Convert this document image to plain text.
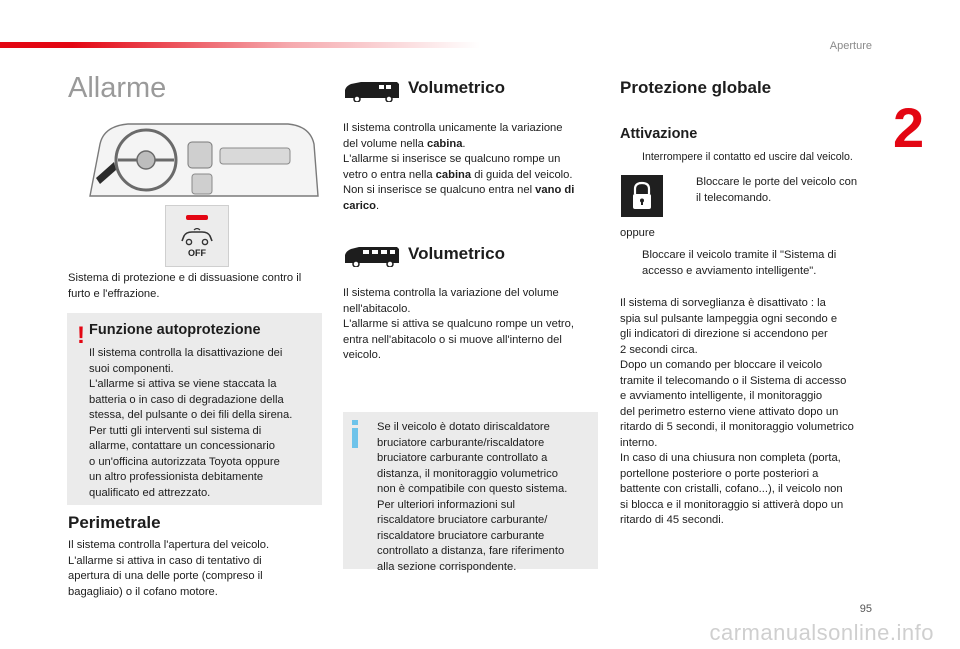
Aperture
2
Allarme
OFF
Sistema di protezione e di dissuasione contro il
furto e l'effrazione.
! Funzione autoprotezione
Il sistema controlla la disattivazione dei
suoi componenti.
L'allarme si attiva se viene staccata la
batteria o in caso di degradazione della
stessa, del pulsante o dei fili della sirena.
Per tutti gli interventi sul sistema di
allarme, contattare un concessionario
o un'officina autorizzata Toyota oppure
un altro professionista debitamente
qualificato ed attrezzato.
Perimetrale
Il sistema controlla l'apertura del veicolo.
L'allarme si attiva in caso di tentativo di
apertura di una delle porte (compreso il
bagagliaio) o il cofano motore.
Volumetrico
Il sistema controlla unicamente la variazione
del volume nella cabina.
L'allarme si inserisce se qualcuno rompe un
vetro o entra nella cabina di guida del veicolo.
Non si inserisce se qualcuno entra nel vano di
carico.
Volumetrico
Il sistema controlla la variazione del volume
nell'abitacolo.
L'allarme si attiva se qualcuno rompe un vetro,
entra nell'abitacolo o si muove all'interno del
veicolo.
Se il veicolo è dotato diriscaldatore
bruciatore carburante/riscaldatore
bruciatore carburante controllato a
distanza, il monitoraggio volumetrico
non è compatibile con questo sistema.
Per ulteriori informazioni sul
riscaldatore bruciatore carburante/
riscaldatore bruciatore carburante
controllato a distanza, fare riferimento
alla sezione corrispondente.
Protezione globale
Attivazione
Interrompere il contatto ed uscire dal veicolo.
Bloccare le porte del veicolo con
il telecomando.
oppure
Bloccare il veicolo tramite il "Sistema di
accesso e avviamento intelligente".
Il sistema di sorveglianza è disattivato : la
spia sul pulsante lampeggia ogni secondo e
gli indicatori di direzione si accendono per
2 secondi circa.
Dopo un comando per bloccare il veicolo
tramite il telecomando o il Sistema di accesso
e avviamento intelligente, il monitoraggio
del perimetro esterno viene attivato dopo un
ritardo di 5 secondi, il monitoraggio volumetrico
interno.
In caso di una chiusura non completa (porta,
portellone posteriore o porte posteriori a
battente con cristalli, cofano...), il veicolo non
si blocca e il monitoraggio si attiverà dopo un
ritardo di 45 secondi.
95
carmanualsonline.info
